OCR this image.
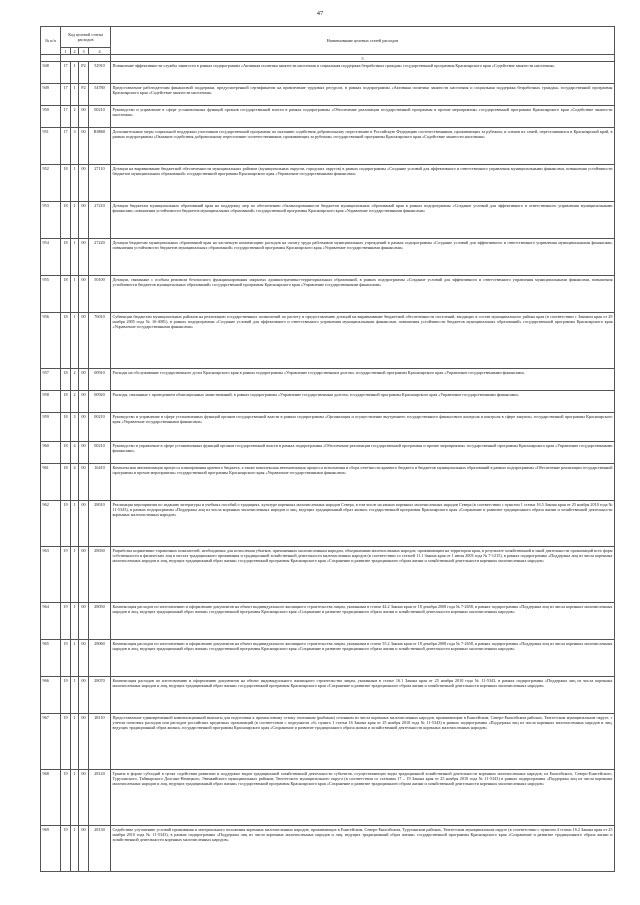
47
№ п/п	Код целевой статьи расходов				Наименование целевых статей расходов
	1	2	3	4	
					5
948	17	1	P2	52910	Повышение эффективности службы занятости в рамках подпрограммы «Активная политика занятости населения и социальная поддержка безработных граждан» государственной программы Красноярского края «Содействие занятости населения»
949	17	1	P2	54780	Предоставление работодателям финансовой поддержки, предусмотренной сертификатом на привлечение трудовых ресурсов, в рамках подпрограммы «Активная политика занятости населения и социальная поддержка безработных граждан» государственной программы Красноярского края «Содействие занятости населения»
950	17	2	00	00210	Руководство и управление в сфере установленных функций органов государственной власти в рамках подпрограммы «Обеспечение реализации государственной программы и прочие мероприятия» государственной программы Красноярского края «Содействие занятости населения»
951	17	3	00	R0860	Дополнительные меры социальной поддержки участников государственной программы по оказанию содействия добровольному переселению в Российскую Федерацию соотечественников, проживающих за рубежом, и членов их семей, переселившихся в Красноярский край, в рамках подпрограммы «Оказание содействия добровольному переселению соотечественников, проживающих за рубежом» государственной программы Красноярского края «Содействие занятости населения»
952	18	1	00	27110	Дотации на выравнивание бюджетной обеспеченности муниципальных районов (муниципальных округов, городских округов) в рамках подпрограммы «Создание условий для эффективного и ответственного управления муниципальными финансами, повышения устойчивости бюджетов муниципальных образований» государственной программы Красноярского края «Управление государственными финансами»
953	18	1	00	27210	Дотации бюджетам муниципальных образований края на поддержку мер по обеспечению сбалансированности бюджетов муниципальных образований края в рамках подпрограммы «Создание условий для эффективного и ответственного управления муниципальными финансами, повышения устойчивости бюджетов муниципальных образований» государственной программы Красноярского края «Управление государственными финансами»
954	18	1	00	27220	Дотации бюджетам муниципальных образований края на частичную компенсацию расходов на оплату труда работников муниципальных учреждений в рамках подпрограммы «Создание условий для эффективного и ответственного управления муниципальными финансами, повышения устойчивости бюджетов муниципальных образований» государственной программы Красноярского края «Управление государственными финансами»
955	18	1	00	50100	Дотации, связанные с особым режимом безопасного функционирования закрытых административно-территориальных образований, в рамках подпрограммы «Создание условий для эффективного и ответственного управления муниципальными финансами, повышения устойчивости бюджетов муниципальных образований» государственной программы Красноярского края «Управление государственными финансами»
956	18	1	00	76010	Субвенции бюджетам муниципальных районов на реализацию государственных полномочий по расчету и предоставлению дотаций на выравнивание бюджетной обеспеченности поселений, входящих в состав муниципального района края (в соответствии с Законом края от 29 ноября 2005 года № 16-4081), в рамках подпрограммы «Создание условий для эффективного и ответственного управления муниципальными финансами, повышения устойчивости бюджетов муниципальных образований» государственной программы Красноярского края «Управление государственными финансами»
957	18	2	00	00910	Расходы на обслуживание государственного долга Красноярского края в рамках подпрограммы «Управление государственным долгом» государственной программы Красноярского края «Управление государственными финансами»
958	18	2	00	00920	Расходы, связанные с проведением облигационных заимствований, в рамках подпрограммы «Управление государственным долгом» государственной программы Красноярского края «Управление государственными финансами»
959	18	3	00	00210	Руководство и управление в сфере установленных функций органов государственной власти в рамках подпрограммы «Организация и осуществление внутреннего государственного финансового контроля и контроля в сфере закупок» государственной программы Красноярского края «Управление государственными финансами»
960	18	4	00	00210	Руководство и управление в сфере установленных функций органов государственной власти в рамках подпрограммы «Обеспечение реализации государственной программы и прочие мероприятия» государственной программы Красноярского края «Управление государственными финансами»
961	18	4	00	16410	Комплексная автоматизация процесса планирования краевого бюджета, а также комплексная автоматизация процесса исполнения и сбора отчетности краевого бюджета и бюджетов муниципальных образований в рамках подпрограммы «Обеспечение реализации государственной программы и прочие мероприятия» государственной программы Красноярского края «Управление государственными финансами»
962	19	1	00	28010	Реализация мероприятия по изданию литературы и учебных пособий о традициях, культуре коренных малочисленных народов Севера, в том числе на языках коренных малочисленных народов Севера (в соответствии с пунктом 1 статьи 16.5 Закона края от 25 ноября 2010 года № 11-5343), в рамках подпрограммы «Поддержка лиц из числа коренных малочисленных народов и лиц, ведущих традиционный образ жизни» государственной программы Красноярского края «Сохранение и развитие традиционного образа жизни и хозяйственной деятельности коренных малочисленных народов»
963	19	1	00	28030	Разработка нормативно-справочных показателей, необходимых для исчисления убытков, причиненных малочисленным народам, объединениям малочисленных народов, проживающим на территории края, в результате хозяйственной и иной деятельности организаций всех форм собственности и физических лиц в местах традиционного проживания и традиционной хозяйственной деятельности малочисленных народов (в соответствии со статьей 11.1 Закона края от 1 июля 2003 года № 7-1215), в рамках подпрограммы «Поддержка лиц из числа коренных малочисленных народов и лиц, ведущих традиционный образ жизни» государственной программы Красноярского края «Сохранение и развитие традиционного образа жизни и хозяйственной деятельности коренных малочисленных народов»
964	19	1	00	28050	Компенсация расходов по изготовлению и оформлению документов на объект индивидуального жилищного строительства лицам, указанным в статье 44.2 Закона края от 18 декабря 2008 года № 7-2658, в рамках подпрограммы «Поддержка лиц из числа коренных малочисленных народов и лиц, ведущих традиционный образ жизни» государственной программы Красноярского края «Сохранение и развитие традиционного образа жизни и хозяйственной деятельности коренных малочисленных народов»
965	19	1	00	28060	Компенсация расходов по изготовлению и оформлению документов на объект индивидуального жилищного строительства лицам, указанным в статье 55.2 Закона края от 18 декабря 2008 года № 7-2658, в рамках подпрограммы «Поддержка лиц из числа коренных малочисленных народов и лиц, ведущих традиционный образ жизни» государственной программы Красноярского края «Сохранение и развитие традиционного образа жизни и хозяйственной деятельности коренных малочисленных народов»
966	19	1	00	28070	Компенсация расходов по изготовлению и оформлению документов на объект индивидуального жилищного строительства лицам, указанным в статье 16.1 Закона края от 25 ноября 2010 года № 11-5343, в рамках подпрограммы «Поддержка лиц из числа коренных малочисленных народов и лиц, ведущих традиционный образ жизни» государственной программы Красноярского края «Сохранение и развитие традиционного образа жизни и хозяйственной деятельности коренных малочисленных народов»
967	19	1	00	28110	Предоставление единовременной компенсационной выплаты для подготовки к промысловому сезону охотникам (рыбакам) сезонным из числа коренных малочисленных народов, проживающим в Енисейском, Северо-Енисейском районах, Тюхтетском муниципальном округе, с учетом почтовых расходов или расходов российских кредитных организаций (в соответствии с подпунктом «б» пункта 1 статьи 16 Закона края от 25 ноября 2010 года № 11-5343) в рамках подпрограммы «Поддержка лиц из числа коренных малочисленных народов и лиц, ведущих традиционный образ жизни» государственной программы Красноярского края «Сохранение и развитие традиционного образа жизни и хозяйственной деятельности коренных малочисленных народов»
968	19	1	00	28120	Гранты в форме субсидий в целях содействия развитию и поддержке видов традиционной хозяйственной деятельности субъектов, осуществляющих виды традиционной хозяйственной деятельности коренных малочисленных народов, из Енисейского, Северо-Енисейского, Туруханского, Таймырского Долгано-Ненецкого, Эвенкийского муниципальных районов, Тюхтетского муниципального округа (в соответствии со статьями 17 – 19 Закона края от 25 ноября 2010 года № 11-5343) в рамках подпрограммы «Поддержка лиц из числа коренных малочисленных народов и лиц, ведущих традиционный образ жизни» государственной программы Красноярского края «Сохранение и развитие традиционного образа жизни и хозяйственной деятельности коренных малочисленных народов»
969	19	1	00	28130	Содействие улучшению условий проживания и материального положения коренных малочисленных народов, проживающих в Енисейском, Северо-Енисейском, Туруханском районах, Тюхтетском муниципальном округе (в соответствии с пунктом 4 статьи 16.2 Закона края от 25 ноября 2010 года № 11-5343), в рамках подпрограммы «Поддержка лиц из числа коренных малочисленных народов и лиц, ведущих традиционный образ жизни» государственной программы Красноярского края «Сохранение и развитие традиционного образа жизни и хозяйственной деятельности коренных малочисленных народов»
